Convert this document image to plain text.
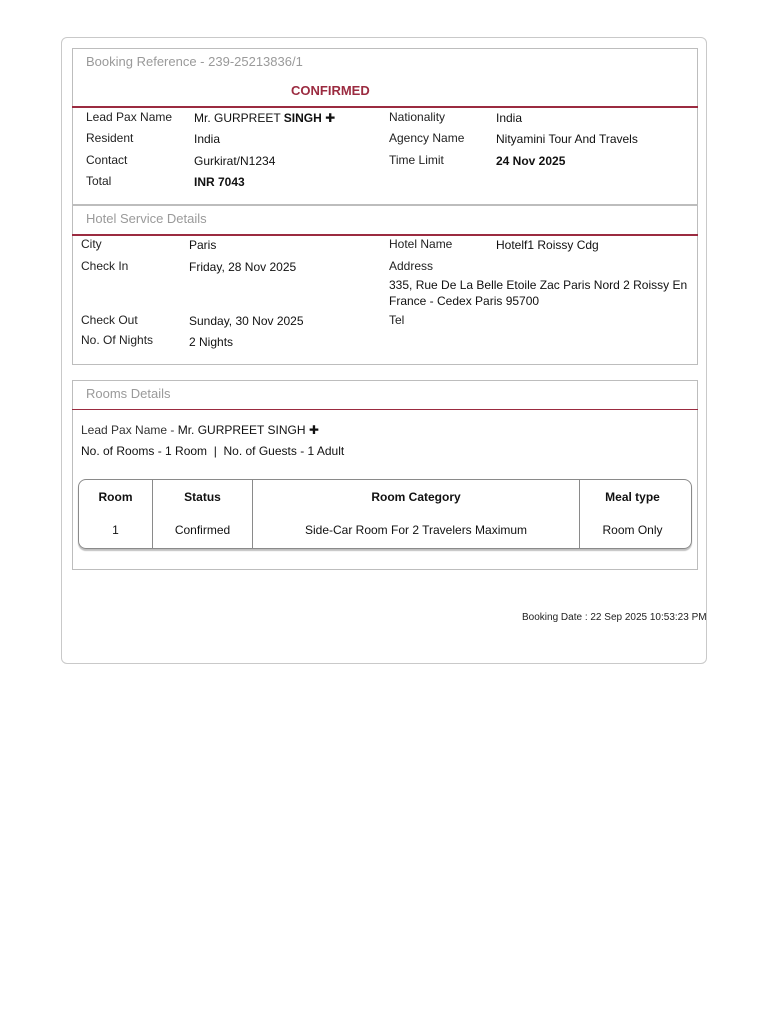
Booking Reference - 239-25213836/1
CONFIRMED
Lead Pax Name Mr. GURPREET SINGH ✚	Nationality	India
Resident	India	Agency Name	Nityamini Tour And Travels
Contact	Gurkirat/N1234	Time Limit	24 Nov 2025
Total	INR 7043
Hotel Service Details
City	Paris	Hotel Name	Hotelf1 Roissy Cdg
Check In	Friday, 28 Nov 2025	Address
335, Rue De La Belle Etoile Zac Paris Nord 2 Roissy En
France - Cedex Paris 95700
Check Out	Sunday, 30 Nov 2025	Tel
No. Of Nights	2 Nights
Rooms Details
Lead Pax Name - Mr. GURPREET SINGH ✚
No. of Rooms - 1 Room  |  No. of Guests - 1 Adult
Room	Status	Room Category	Meal type
1	Confirmed	Side-Car Room For 2 Travelers Maximum	Room Only
Booking Date : 22 Sep 2025 10:53:23 PM
